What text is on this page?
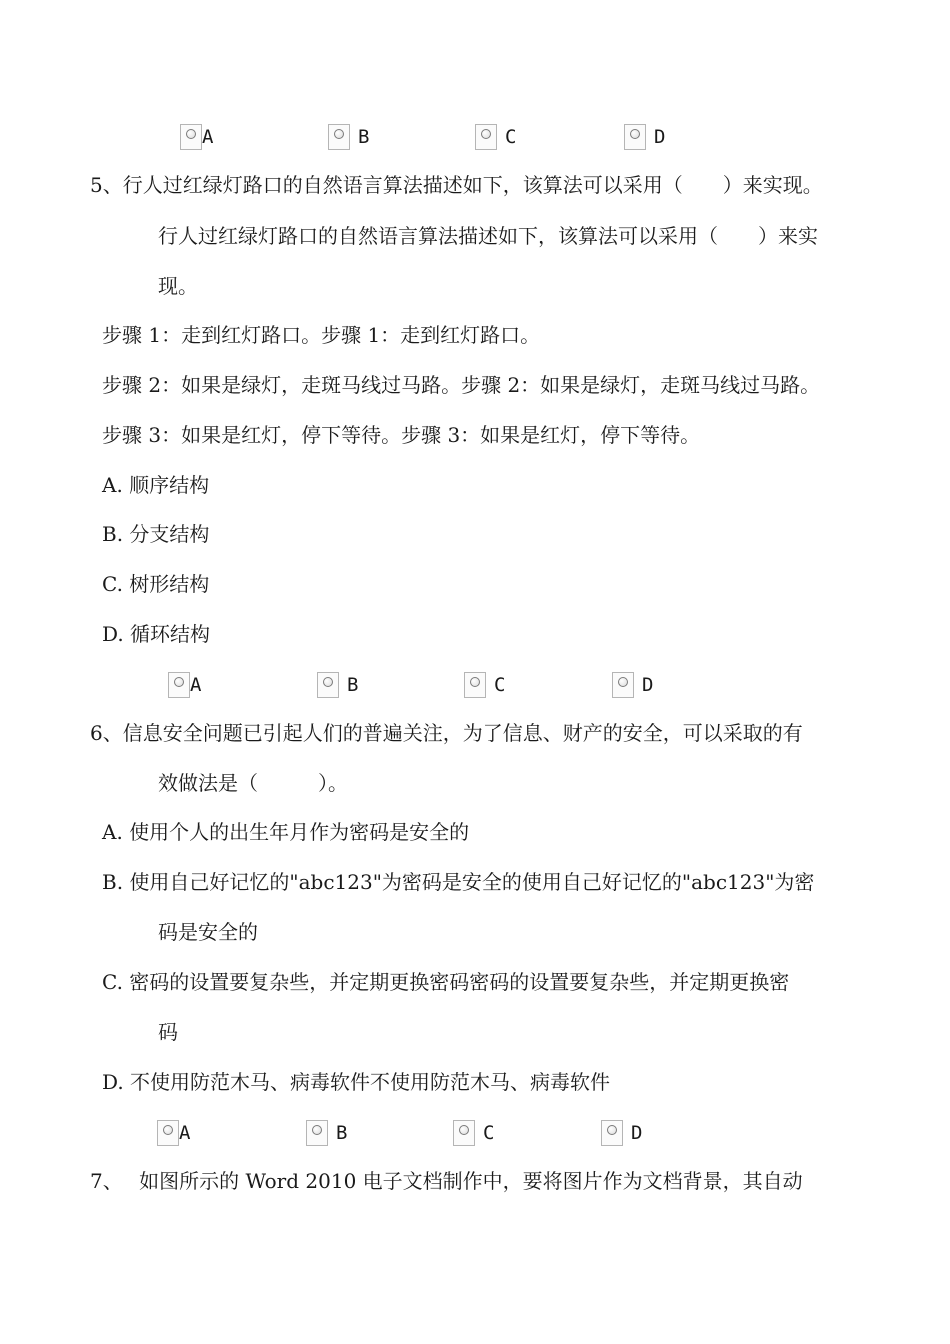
A	B	C	D
5、行人过红绿灯路口的自然语言算法描述如下，该算法可以采用（　　）来实现。
行人过红绿灯路口的自然语言算法描述如下，该算法可以采用（　　）来实
现。
步骤 1：走到红灯路口。步骤 1：走到红灯路口。
步骤 2：如果是绿灯，走斑马线过马路。步骤 2：如果是绿灯，走斑马线过马路。
步骤 3：如果是红灯，停下等待。步骤 3：如果是红灯，停下等待。
A. 顺序结构
B. 分支结构
C. 树形结构
D. 循环结构
A	B	C	D
6、信息安全问题已引起人们的普遍关注，为了信息、财产的安全，可以采取的有
效做法是（　　　）。
A. 使用个人的出生年月作为密码是安全的
B. 使用自己好记忆的"abc123"为密码是安全的使用自己好记忆的"abc123"为密
码是安全的
C. 密码的设置要复杂些，并定期更换密码密码的设置要复杂些，并定期更换密
码
D. 不使用防范木马、病毒软件不使用防范木马、病毒软件
A	B	C	D
7、　 如图所示的 Word 2010 电子文档制作中，要将图片作为文档背景，其自动
